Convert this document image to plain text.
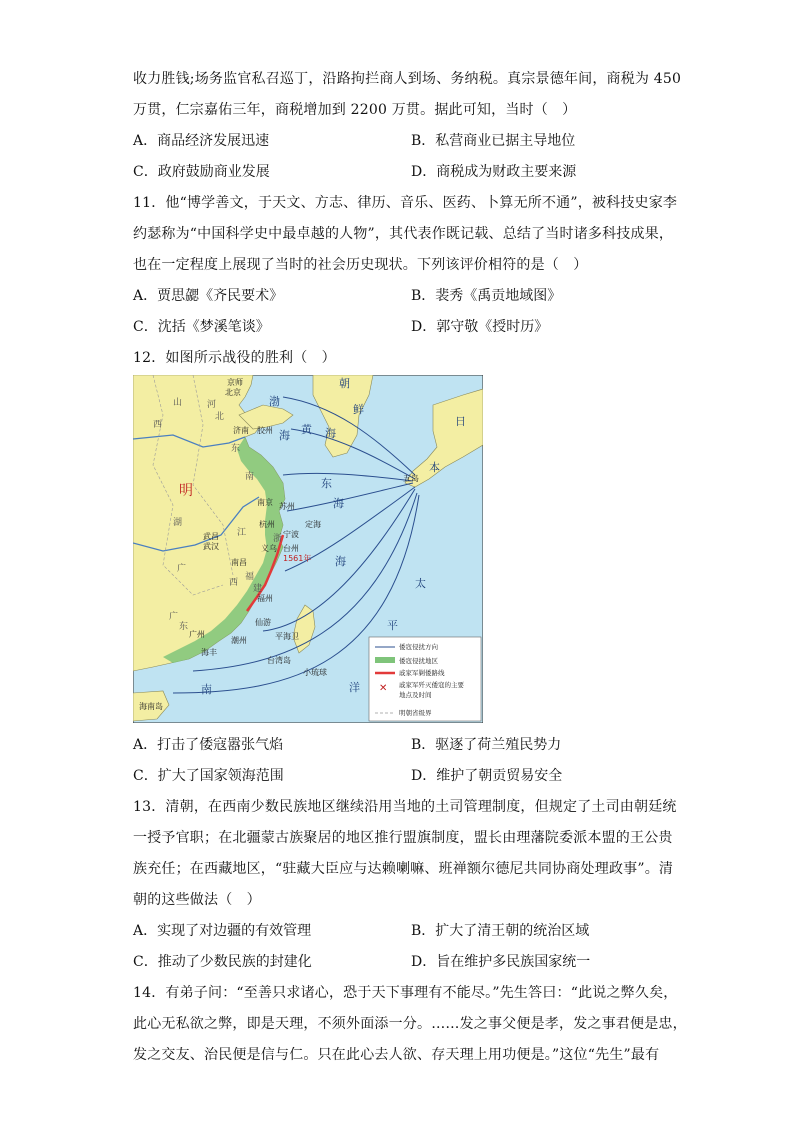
收力胜钱;场务监官私召巡丁，沿路拘拦商人到场、务纳税。真宗景德年间，商税为 450
万贯，仁宗嘉佑三年，商税增加到 2200 万贯。据此可知，当时（　）
A．商品经济发展迅速	B．私营商业已据主导地位
C．政府鼓励商业发展	D．商税成为财政主要来源
11．他“博学善文，于天文、方志、律历、音乐、医药、卜算无所不通”，被科技史家李
约瑟称为“中国科学史中最卓越的人物”，其代表作既记载、总结了当时诸多科技成果，
也在一定程度上展现了当时的社会历史现状。下列该评价相符的是（　）
A．贾思勰《齐民要术》	B．裴秀《禹贡地域图》
C．沈括《梦溪笔谈》	D．郭守敬《授时历》
12．如图所示战役的胜利（　）
京师
北京
济南 胶州
南京 苏州
杭州
宁波
定海
武昌
武汉
南昌
台州
义乌
福州
仙游
平海卫
广州
海丰
潮州
台湾岛
小琉球
海南岛
五岛
1561年
朝
鲜
日
本
黄 海
东
海
海
太
平
洋
南
渤
海
山
西
河
北
东
江
西
湖
广
福
建
浙
南
广
东
明
✕
倭寇侵扰方向
倭寇侵扰地区
戚家军剿倭路线
戚家军歼灭倭寇的主要
地点及时间
明朝省级界
A．打击了倭寇嚣张气焰	B．驱逐了荷兰殖民势力
C．扩大了国家领海范围	D．维护了朝贡贸易安全
13．清朝，在西南少数民族地区继续沿用当地的土司管理制度，但规定了土司由朝廷统
一授予官职；在北疆蒙古族聚居的地区推行盟旗制度，盟长由理藩院委派本盟的王公贵
族充任；在西藏地区，“驻藏大臣应与达赖喇嘛、班禅额尔德尼共同协商处理政事”。清
朝的这些做法（　）
A．实现了对边疆的有效管理	B．扩大了清王朝的统治区域
C．推动了少数民族的封建化	D．旨在维护多民族国家统一
14．有弟子问：“至善只求诸心，恐于天下事理有不能尽。”先生答曰：“此说之弊久矣，
此心无私欲之弊，即是天理，不须外面添一分。……发之事父便是孝，发之事君便是忠，
发之交友、治民便是信与仁。只在此心去人欲、存天理上用功便是。”这位“先生”最有
